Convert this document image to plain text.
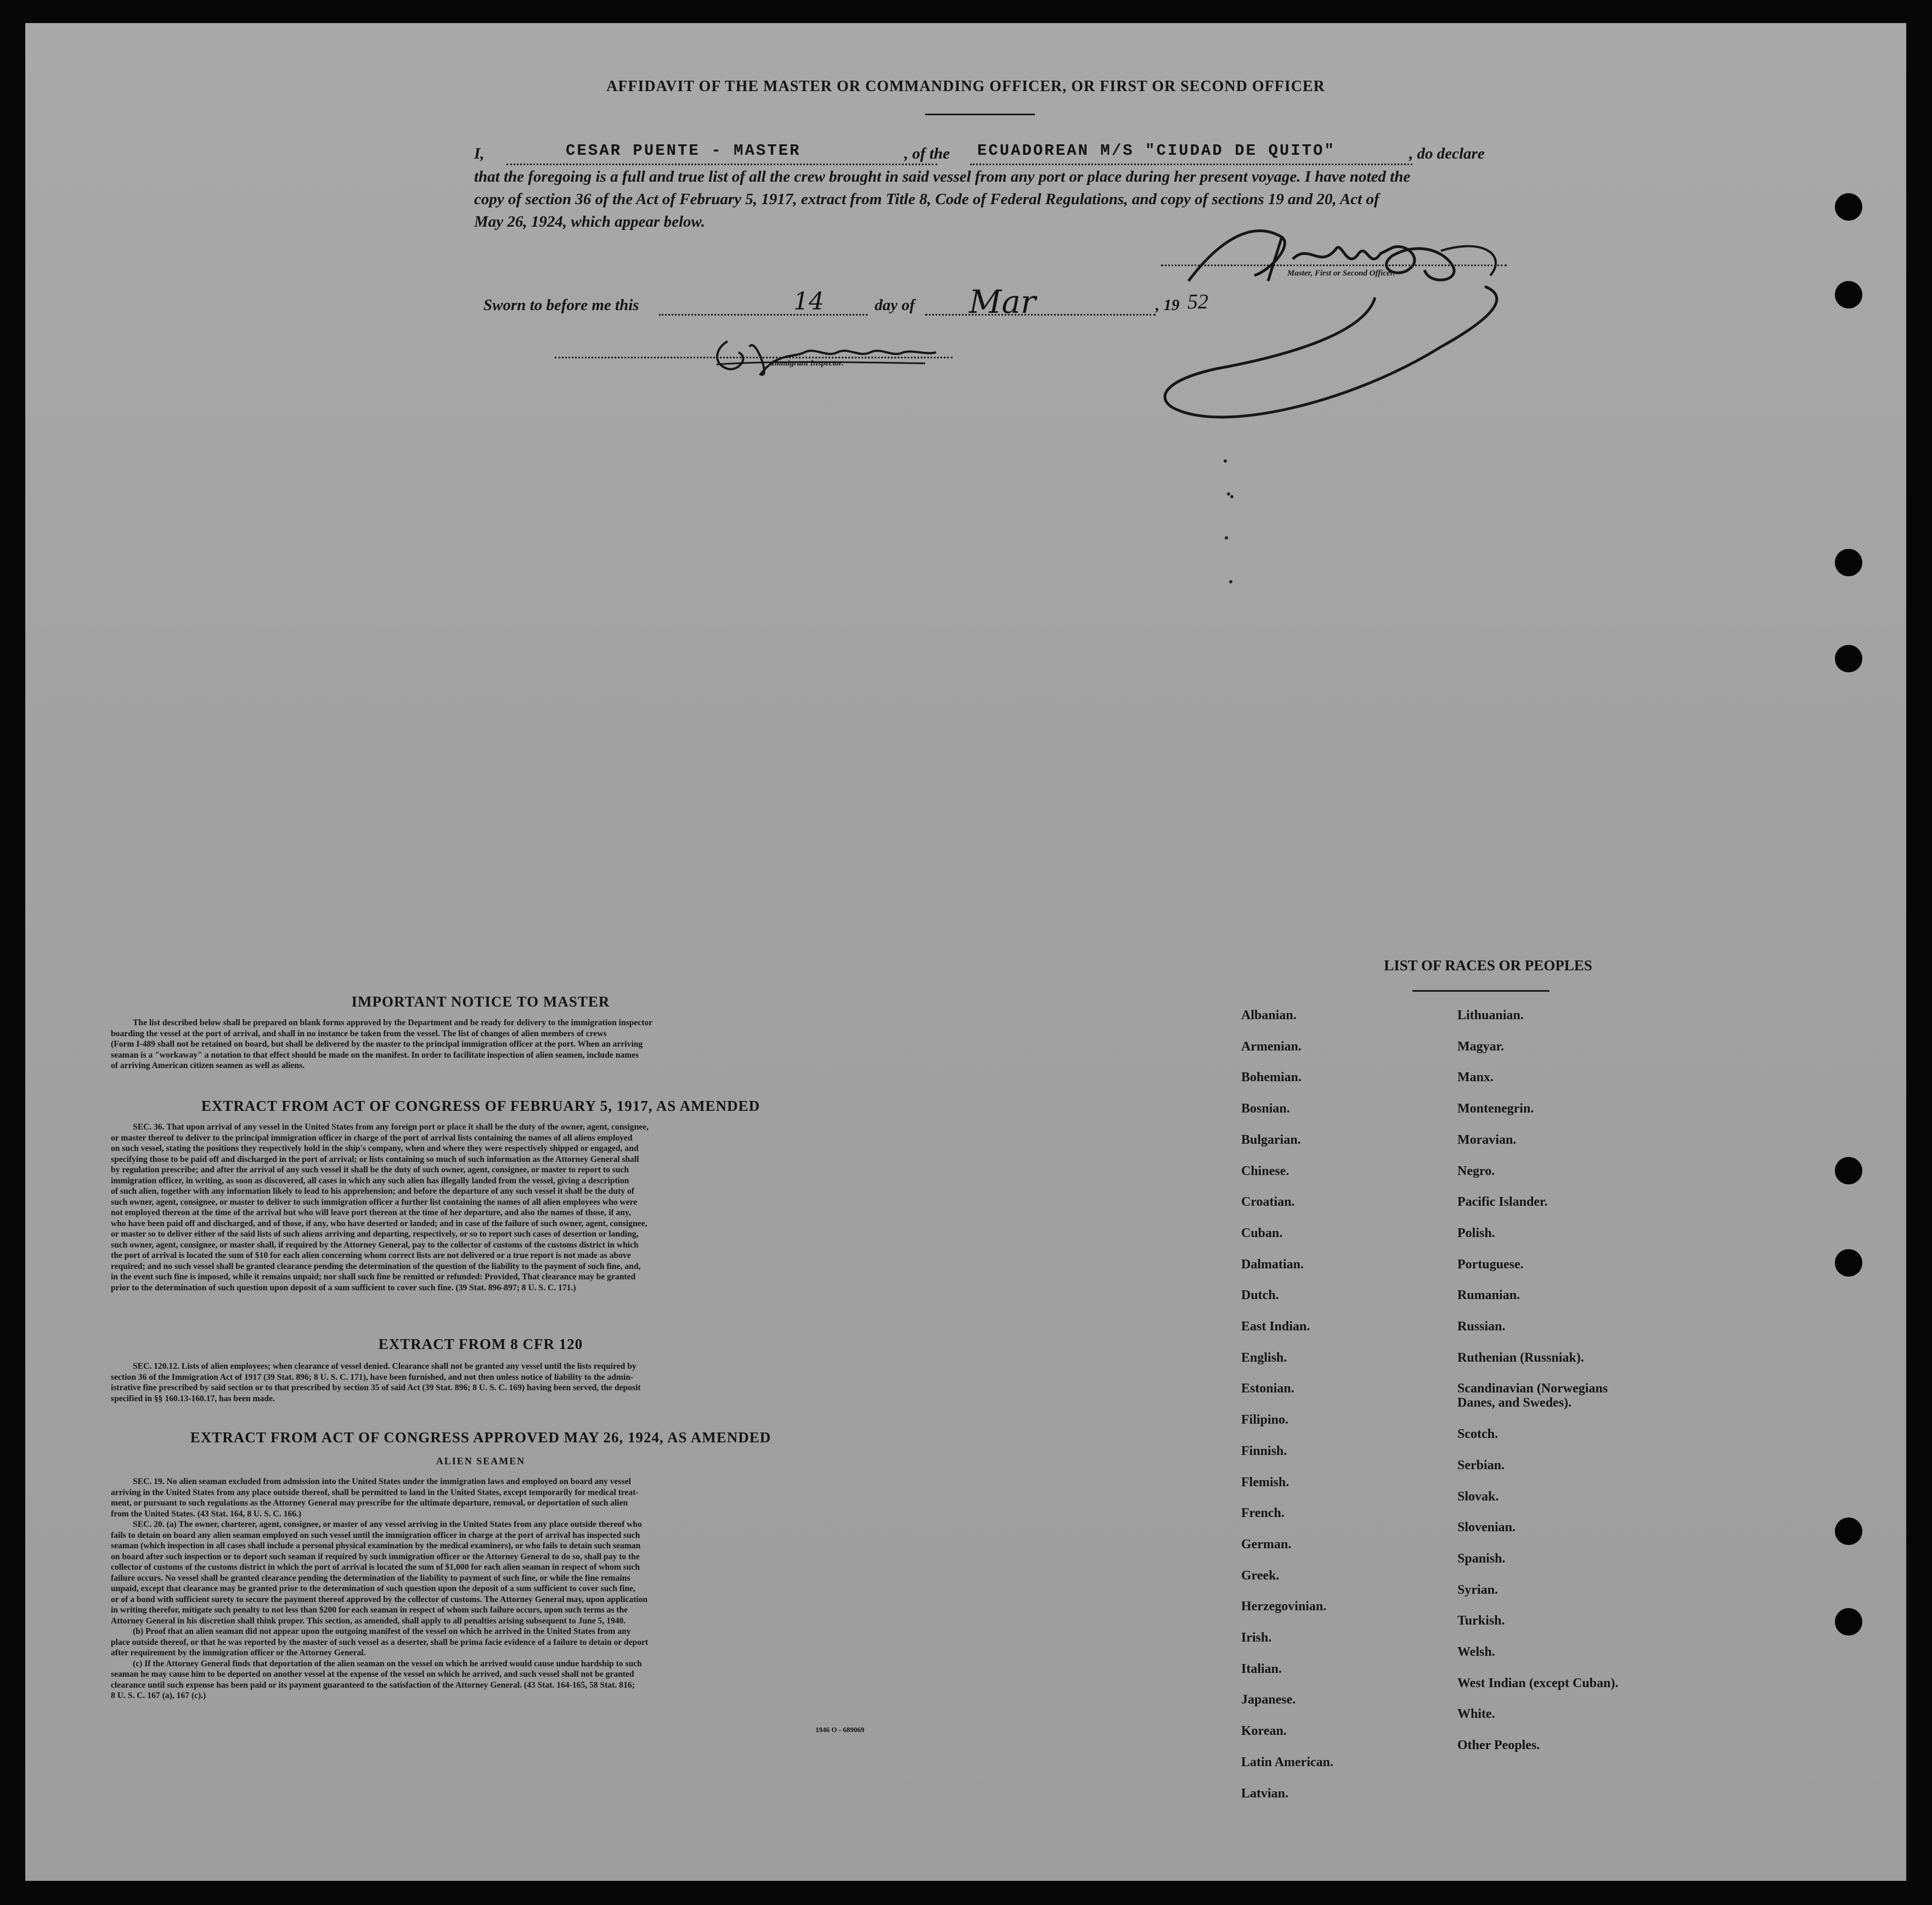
AFFIDAVIT OF THE MASTER OR COMMANDING OFFICER, OR FIRST OR SECOND OFFICER
I,	CESAR PUENTE - MASTER	, of the ECUADOREAN M/S "CIUDAD DE QUITO"	, do declare
that the foregoing is a full and true list of all the crew brought in said vessel from any port or place during her present voyage. I have noted the
copy of section 36 of the Act of February 5, 1917, extract from Title 8, Code of Federal Regulations, and copy of sections 19 and 20, Act of
May 26, 1924, which appear below.
Master, First or Second Officer.
Sworn to before me this	14	day of Mar	, 19 52
Immigrant Inspector.
IMPORTANT NOTICE TO MASTER
The list described below shall be prepared on blank forms approved by the Department and be ready for delivery to the immigration inspector
boarding the vessel at the port of arrival, and shall in no instance be taken from the vessel. The list of changes of alien members of crews
(Form I-489 shall not be retained on board, but shall be delivered by the master to the principal immigration officer at the port. When an arriving
seaman is a "workaway" a notation to that effect should be made on the manifest. In order to facilitate inspection of alien seamen, include names
of arriving American citizen seamen as well as aliens.
EXTRACT FROM ACT OF CONGRESS OF FEBRUARY 5, 1917, AS AMENDED
SEC. 36. That upon arrival of any vessel in the United States from any foreign port or place it shall be the duty of the owner, agent, consignee,
or master thereof to deliver to the principal immigration officer in charge of the port of arrival lists containing the names of all aliens employed
on such vessel, stating the positions they respectively hold in the ship's company, when and where they were respectively shipped or engaged, and
specifying those to be paid off and discharged in the port of arrival; or lists containing so much of such information as the Attorney General shall
by regulation prescribe; and after the arrival of any such vessel it shall be the duty of such owner, agent, consignee, or master to report to such
immigration officer, in writing, as soon as discovered, all cases in which any such alien has illegally landed from the vessel, giving a description
of such alien, together with any information likely to lead to his apprehension; and before the departure of any such vessel it shall be the duty of
such owner, agent, consignee, or master to deliver to such immigration officer a further list containing the names of all alien employees who were
not employed thereon at the time of the arrival but who will leave port thereon at the time of her departure, and also the names of those, if any,
who have been paid off and discharged, and of those, if any, who have deserted or landed; and in case of the failure of such owner, agent, consignee,
or master so to deliver either of the said lists of such aliens arriving and departing, respectively, or so to report such cases of desertion or landing,
such owner, agent, consignee, or master shall, if required by the Attorney General, pay to the collector of customs of the customs district in which
the port of arrival is located the sum of $10 for each alien concerning whom correct lists are not delivered or a true report is not made as above
required; and no such vessel shall be granted clearance pending the determination of the question of the liability to the payment of such fine, and,
in the event such fine is imposed, while it remains unpaid; nor shall such fine be remitted or refunded: Provided, That clearance may be granted
prior to the determination of such question upon deposit of a sum sufficient to cover such fine. (39 Stat. 896-897; 8 U. S. C. 171.)
EXTRACT FROM 8 CFR 120
SEC. 120.12. Lists of alien employees; when clearance of vessel denied. Clearance shall not be granted any vessel until the lists required by
section 36 of the Immigration Act of 1917 (39 Stat. 896; 8 U. S. C. 171), have been furnished, and not then unless notice of liability to the admin-
istrative fine prescribed by said section or to that prescribed by section 35 of said Act (39 Stat. 896; 8 U. S. C. 169) having been served, the deposit
specified in §§ 160.13-160.17, has been made.
EXTRACT FROM ACT OF CONGRESS APPROVED MAY 26, 1924, AS AMENDED
ALIEN SEAMEN
SEC. 19. No alien seaman excluded from admission into the United States under the immigration laws and employed on board any vessel
arriving in the United States from any place outside thereof, shall be permitted to land in the United States, except temporarily for medical treat-
ment, or pursuant to such regulations as the Attorney General may prescribe for the ultimate departure, removal, or deportation of such alien
from the United States. (43 Stat. 164, 8 U. S. C. 166.)
SEC. 20. (a) The owner, charterer, agent, consignee, or master of any vessel arriving in the United States from any place outside thereof who
fails to detain on board any alien seaman employed on such vessel until the immigration officer in charge at the port of arrival has inspected such
seaman (which inspection in all cases shall include a personal physical examination by the medical examiners), or who fails to detain such seaman
on board after such inspection or to deport such seaman if required by such immigration officer or the Attorney General to do so, shall pay to the
collector of customs of the customs district in which the port of arrival is located the sum of $1,000 for each alien seaman in respect of whom such
failure occurs. No vessel shall be granted clearance pending the determination of the liability to payment of such fine, or while the fine remains
unpaid, except that clearance may be granted prior to the determination of such question upon the deposit of a sum sufficient to cover such fine,
or of a bond with sufficient surety to secure the payment thereof approved by the collector of customs. The Attorney General may, upon application
in writing therefor, mitigate such penalty to not less than $200 for each seaman in respect of whom such failure occurs, upon such terms as the
Attorney General in his discretion shall think proper. This section, as amended, shall apply to all penalties arising subsequent to June 5, 1940.
(b) Proof that an alien seaman did not appear upon the outgoing manifest of the vessel on which he arrived in the United States from any
place outside thereof, or that he was reported by the master of such vessel as a deserter, shall be prima facie evidence of a failure to detain or deport
after requirement by the immigration officer or the Attorney General.
(c) If the Attorney General finds that deportation of the alien seaman on the vessel on which he arrived would cause undue hardship to such
seaman he may cause him to be deported on another vessel at the expense of the vessel on which he arrived, and such vessel shall not be granted
clearance until such expense has been paid or its payment guaranteed to the satisfaction of the Attorney General. (43 Stat. 164-165, 58 Stat. 816;
8 U. S. C. 167 (a), 167 (c).)
1946 O - 689069
LIST OF RACES OR PEOPLES
Albanian.
Armenian.
Bohemian.
Bosnian.
Bulgarian.
Chinese.
Croatian.
Cuban.
Dalmatian.
Dutch.
East Indian.
English.
Estonian.
Filipino.
Finnish.
Flemish.
French.
German.
Greek.
Herzegovinian.
Irish.
Italian.
Japanese.
Korean.
Latin American.
Latvian.
Lithuanian.
Magyar.
Manx.
Montenegrin.
Moravian.
Negro.
Pacific Islander.
Polish.
Portuguese.
Rumanian.
Russian.
Ruthenian (Russniak).
Scandinavian (Norwegians
Danes, and Swedes).
Scotch.
Serbian.
Slovak.
Slovenian.
Spanish.
Syrian.
Turkish.
Welsh.
West Indian (except Cuban).
White.
Other Peoples.
